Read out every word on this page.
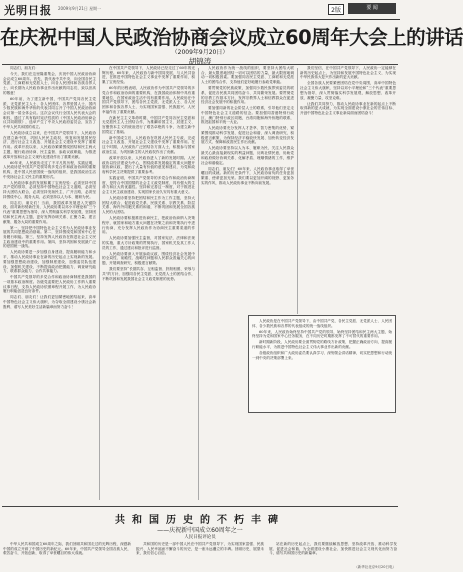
光明日报 2009年9月21日 星期一	2版	要 闻
在庆祝中国人民政治协商会议成立60周年大会上的讲话
（2009年9月20日）
胡锦涛

同志们，朋友们：

今天，我们在这里隆重集会，庆祝中国人民政治协商会议成立60周年。首先，我代表中共中央，向全国各民主党派、工商联和无党派人士，向各人民团体和各族各界人士，向长期为人民政协事业作出贡献的同志们，致以崇高的敬意！

60年前，为了建立新中国，中国共产党同各民主党派、无党派民主人士、各人民团体、各界爱国人士、国内少数民族和海外华侨的代表共同召开了中国人民政治协商会议第一届全体会议。这次会议代行全国人民代表大会的职权，通过了具有临时宪法性质的《中国人民政治协商会议共同纲领》，选举产生了中央人民政府委员会，宣告了中华人民共和国的成立。

人民政协成立以来，在中国共产党领导下，人民政协在建立新中国、巩固人民民主政权、恢复和发展国民经济、进行社会主义改造、开展社会主义建设中发挥了重要作用。改革开放以来，人民政协紧紧围绕团结和民主两大主题，履行政治协商、民主监督、参政议政职能，为推进改革开放和社会主义现代化建设作出了重要贡献。

60年来，人民政协走过了不平凡的历程，实践证明，人民政协是中国共产党领导的多党合作和政治协商的重要机构，是中国人民爱国统一战线的组织，是我国政治生活中发扬社会主义民主的重要形式。

人民政协事业的发展积累了宝贵经验：必须坚持中国共产党的领导，必须坚持中国特色社会主义道路，必须坚持大团结大联合，必须坚持发扬民主、广开言路，必须坚持围绕中心、服务大局，必须坚持以人为本、履职为民。

同志们、朋友们！当前，我国改革发展进入关键阶段，面对新形势新任务，人民政协要以邓小平理论和“三个代表”重要思想为指导，深入贯彻落实科学发展观，坚持团结和民主两大主题，更好发挥协调关系、汇聚力量、建言献策、服务大局的重要作用。

第一，坚持把中国特色社会主义作为人民政协事业发展的共同思想政治基础。第二，坚持围绕党和国家中心任务履行职能。第三，坚持发挥人民政协在推进社会主义民主政治建设中的重要作用。第四，坚持巩固和发展最广泛的爱国统一战线。

人民政协要进一步加强自身建设，提高履职能力和水平，推动人民政协事业在新的历史起点上实现新的发展。要加强思想政治建设，加强制度建设，加强委员队伍建设，加强机关建设，不断提高政治把握能力、调查研究能力、联系群众能力、合作共事能力。

中国共产党领导的多党合作和政治协商制度是我国的一项基本政治制度。各级党委要把人民政协工作纳入重要议事日程，支持人民政协依照章程开展工作，为人民政协履行职能创造良好条件。

同志们、朋友们！让我们更加紧密地团结起来，高举中国特色社会主义伟大旗帜，为夺取全面建设小康社会新胜利、谱写人民美好生活新篇章而努力奋斗！

在中国共产党领导下，人民政协已经走过了60年的光辉历程。60年来，人民政协与新中国同发展、与人民共奋进，在推进中国特色社会主义事业中发挥了重要作用，积累了宝贵经验。

60年的历程表明，人民政协作为中国共产党领导的多党合作和政治协商的重要机构，在我国政治体制中具有重要地位，在国家政治生活中具有重要作用。人民政协在中国共产党领导下，团结各民主党派、无党派人士、各人民团体和各族各界人士，为实现国家富强、民族振兴、人民幸福作出了重要贡献。

在新民主主义革命时期，中国共产党同各民主党派和无党派民主人士团结合作，为推翻帝国主义、封建主义、官僚资本主义的统治进行了艰苦卓绝的斗争，为建立新中国奠定了基础。

新中国成立后，人民政协在巩固人民民主专政、完成社会主义改造、开展社会主义建设中发挥了重要作用。在这个时期，人民政协广泛团结各方面人士，积极参与国家政治生活，为巩固新生的人民政权作出了贡献。

改革开放以来，人民政协进入了新的发展时期。人民政协以经济建设为中心，围绕改革发展稳定的重大问题开展协商议政，提出了大量有价值的意见和建议，为党和政府科学民主决策提供了重要参考。

实践证明，中国共产党领导的多党合作和政治协商制度，是符合中国国情的社会主义政党制度，具有强大的生命力和巨大的优越性。坚持和完善这一制度，对于推进社会主义民主政治建设、实现国家长治久安具有重大意义。

人民政协要坚持把团结和民主作为工作主题，坚持大团结大联合，促进政党关系、民族关系、宗教关系、阶层关系、海内外同胞关系的和谐，不断巩固和发展全国各族人民的大团结。

人民政协要积极推进协商民主，把政治协商纳入决策程序，就国家和地方重大问题在决策之前和决策执行中进行协商，充分发挥人民政协作为协商民主重要渠道的作用。

人民政协要加强民主监督，对国家宪法、法律和法规的实施，重大方针政策的贯彻执行，国家机关及其工作人员的工作，通过建议和批评进行监督。

人民政协要深入开展参政议政，围绕经济社会发展中的全局性、前瞻性、战略性问题和人民群众普遍关心的问题，开展调查研究，积极建言献策。

我们要坚持“长期共存、互相监督、肝胆相照、荣辱与共”的方针，加强同各民主党派、无党派人士的团结合作，不断巩固和发展我国社会主义政党制度的优势。

人民政协作为统一战线的组织，要坚持大团结大联合，最大限度地团结一切可以团结的力量，最大限度地调动一切积极因素。要加强同各民主党派、工商联和无党派人士的团结合作，支持他们更好地履行参政党职能。

要贯彻党的民族政策，加强同少数民族界别委员的联系，促进各民族共同团结奋斗、共同繁荣发展。要贯彻党的宗教工作基本方针，发挥宗教界人士和信教群众在促进经济社会发展中的积极作用。

要加强同新的社会阶层人士的联系，引导他们坚定走中国特色社会主义道路的信念。要加强同香港特别行政区、澳门特别行政区同胞，台湾同胞和海外侨胞的联系，推进祖国和平统一大业。

人民政协要充分发挥人才荟萃、智力密集的优势，紧紧围绕推动科学发展、促进社会和谐，深入调查研究，积极建言献策，为保持经济平稳较快发展、加快转变经济发展方式、保障和改善民生作出贡献。

人民政协要坚持以人为本、履职为民，关注人民群众最关心最直接最现实的利益问题，反映社情民意，协助党和政府做好协调关系、化解矛盾、理顺情绪的工作，维护社会和谐稳定。

同志们、朋友们！60年来，人民政协事业取得了举世瞩目的成就。新的历史条件下，人民政协肩负的任务更加繁重、使命更加光荣。我们要以更加开阔的视野、更加务实的作风，推动人民政协事业不断向前发展。

我们坚信，在中国共产党领导下，人民政协一定能够在新的历史起点上，为坚持和发展中国特色社会主义，为实现中华民族伟大复兴作出新的更大贡献。

全国各族人民要紧密团结在党中央周围，高举中国特色社会主义伟大旗帜，坚持以邓小平理论和“三个代表”重要思想为指导，深入贯彻落实科学发展观，解放思想、改革开放、凝聚力量、攻坚克难。

让我们共同努力，推动人民政协事业在新的起点上不断取得新的更大成就，为实现全面建设小康社会的宏伟目标、开创中国特色社会主义事业新局面而团结奋斗！

人民政协是在中国共产党领导下，由中国共产党、各民主党派、无党派人士、人民团体、各少数民族和各界的代表组成的统一战线组织。

60年来，人民政协始终坚持中国共产党的领导，始终坚持团结和民主两大主题，始终坚持为党和国家中心任务服务，在不同历史时期都发挥了不可替代的重要作用。

新时期新阶段，人民政协要全面贯彻党的路线方针政策，把握正确政治方向，提高履行职能水平，为推进中国特色社会主义伟大事业作出新的贡献。

各级政协组织和广大政协委员要认真学习、深刻领会讲话精神，切实把思想和行动统一到中央的决策部署上来。

共和国历史的不朽丰碑
——庆祝新中国成立60周年之一
人民日报评论员

中华人民共和国成立60周年之际，我们回顾共和国走过的光辉历程，深感新中国的成立开辟了中国历史的新纪元。60年来，中国共产党领导全国各族人民，艰苦奋斗，开拓创新，取得了举世瞩目的伟大成就。

共和国的历史是一部中国人民在中国共产党领导下，为实现国家富强、民族振兴、人民幸福而不懈奋斗的历史，是一座永远矗立的丰碑。回顾历史，展望未来，我们信心百倍。

站在新的历史起点上，我们要继续解放思想、坚持改革开放、推动科学发展、促进社会和谐，为全面建设小康社会、加快推进社会主义现代化而努力奋斗，谱写共和国历史的新篇章。

（新华社北京9月20日电）
